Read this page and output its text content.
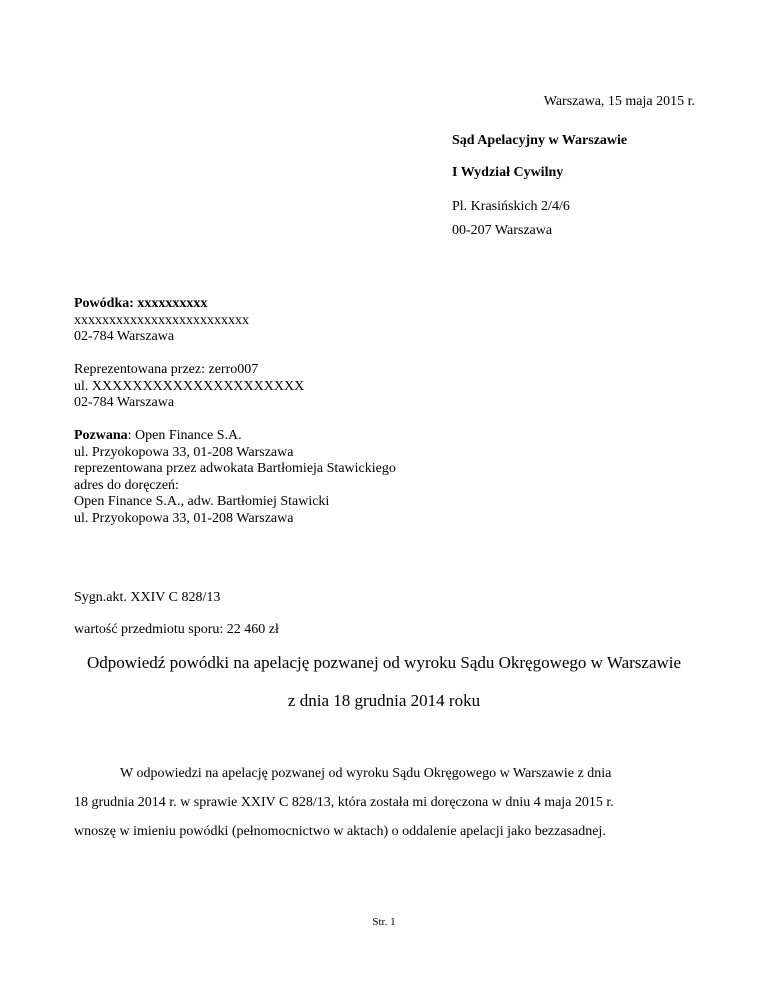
Warszawa, 15 maja 2015 r.
Sąd Apelacyjny w Warszawie
I Wydział Cywilny
Pl. Krasińskich 2/4/6
00-207 Warszawa
Powódka: xxxxxxxxxx
xxxxxxxxxxxxxxxxxxxxxxxxx
02-784 Warszawa
Reprezentowana przez: zerro007
ul. XXXXXXXXXXXXXXXXXXXXX
02-784 Warszawa
Pozwana: Open Finance S.A.
ul. Przyokopowa 33, 01-208 Warszawa
reprezentowana przez adwokata Bartłomieja Stawickiego
adres do doręczeń:
Open Finance S.A., adw. Bartłomiej Stawicki
ul. Przyokopowa 33, 01-208 Warszawa
Sygn.akt. XXIV C 828/13
wartość przedmiotu sporu: 22 460 zł
Odpowiedź powódki na apelację pozwanej od wyroku Sądu Okręgowego w Warszawie
z dnia 18 grudnia 2014 roku
W odpowiedzi na apelację pozwanej od wyroku Sądu Okręgowego w Warszawie z dnia
18 grudnia 2014 r. w sprawie XXIV C 828/13, która została mi doręczona w dniu 4 maja 2015 r.
wnoszę w imieniu powódki (pełnomocnictwo w aktach) o oddalenie apelacji jako bezzasadnej.
Str. 1
